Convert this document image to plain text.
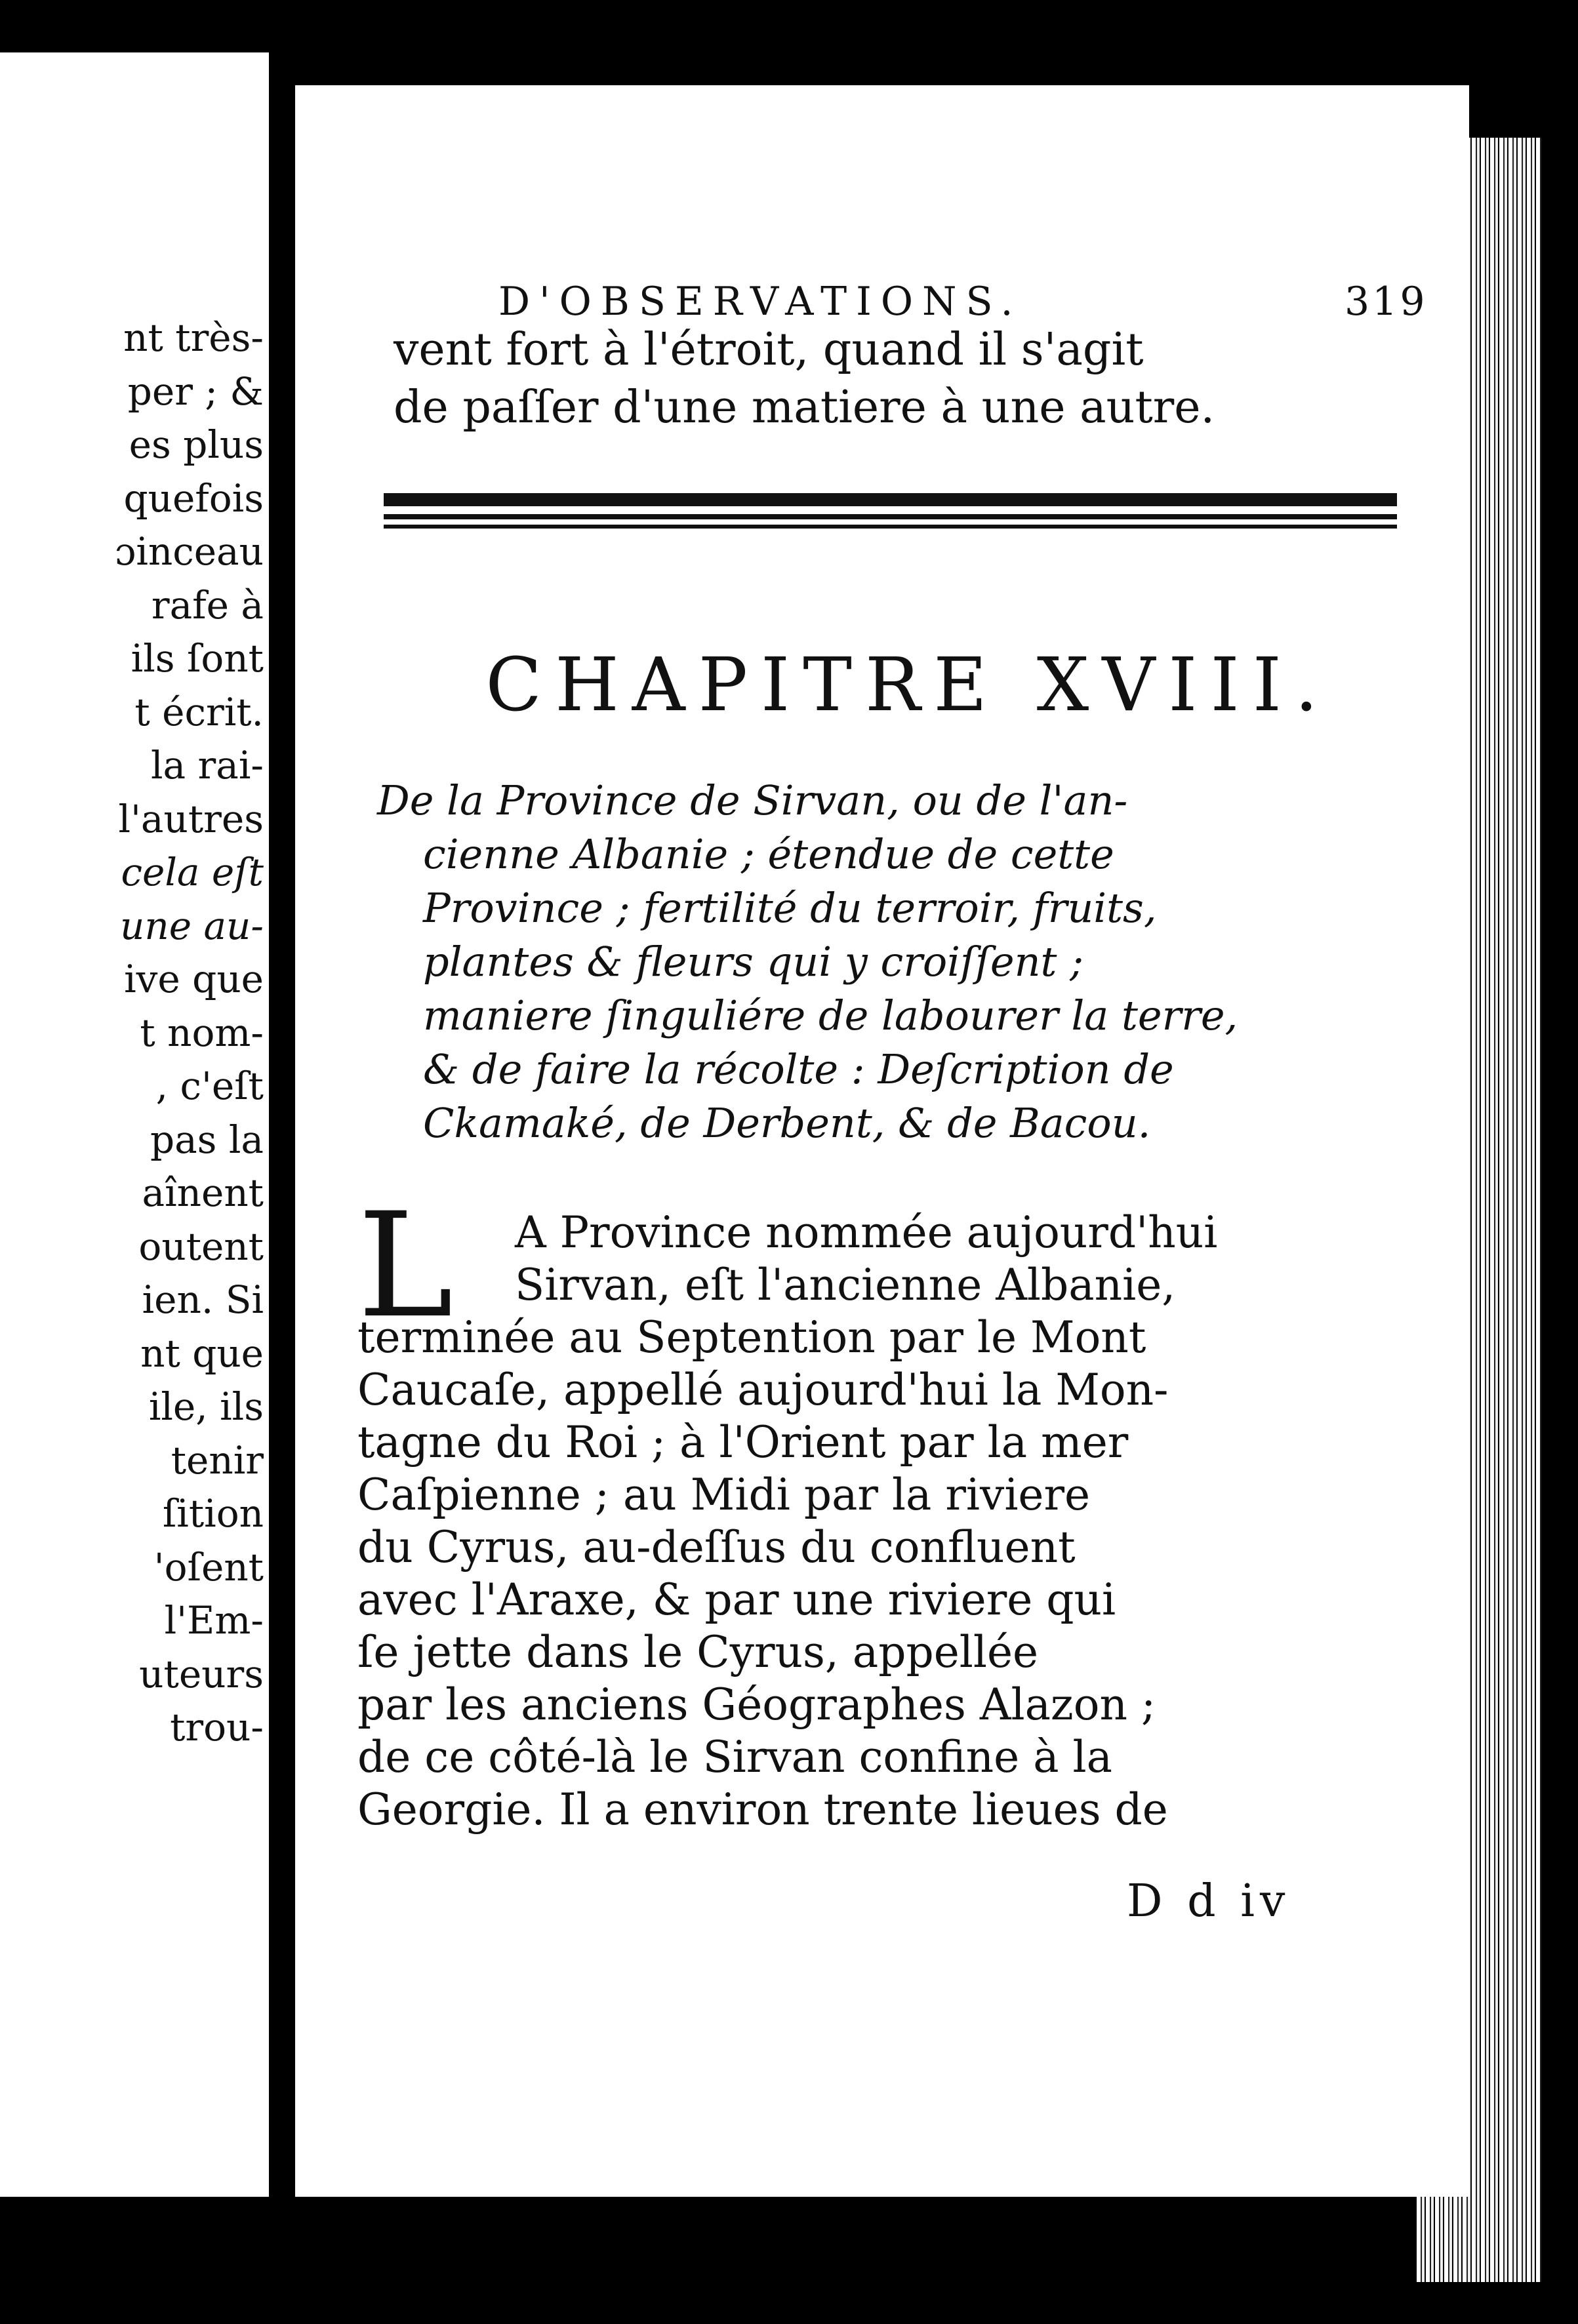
nt très-
per ; &
es plus
quefois
ɔinceau
rafe à
ils ſont
t écrit.
la rai-
l'autres
cela eſt
une au-
ive que
t nom-
, c'eſt
pas la
aînent
outent
ien. Si
nt que
ile, ils
tenir
ſition
'oſent
l'Em-
uteurs
trou-
D'OBSERVATIONS.	319
vent fort à l'étroit, quand il s'agit
de paſſer d'une matiere à une autre.
CHAPITRE XVIII.
De la Province de Sirvan, ou de l'an-
cienne Albanie ; étendue de cette
Province ; fertilité du terroir, fruits,
plantes & fleurs qui y croiſſent ;
maniere ſinguliére de labourer la terre,
& de faire la récolte : Deſcription de
Ckamaké, de Derbent, & de Bacou.
L	A Province nommée aujourd'hui
Sirvan, eſt l'ancienne Albanie,
terminée au Septention par le Mont
Caucaſe, appellé aujourd'hui la Mon-
tagne du Roi ; à l'Orient par la mer
Caſpienne ; au Midi par la riviere
du Cyrus, au-deſſus du confluent
avec l'Araxe, & par une riviere qui
ſe jette dans le Cyrus, appellée
par les anciens Géographes Alazon ;
de ce côté-là le Sirvan confine à la
Georgie. Il a environ trente lieues de
D d iv
